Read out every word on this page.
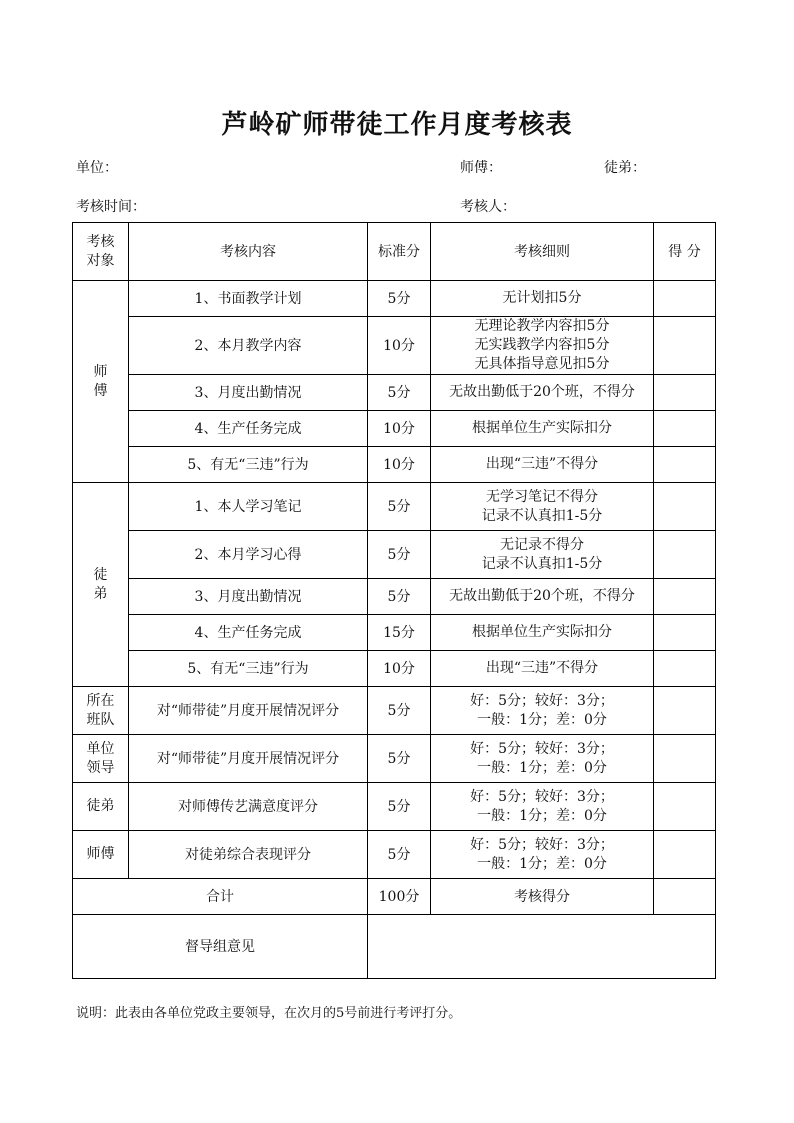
芦岭矿师带徒工作月度考核表
单位：	师傅：	徒弟：
考核时间：	考核人：
考核
对象	考核内容	标准分	考核细则	得 分

师
傅	1、书面教学计划	5分	无计划扣5分	

	2、本月教学内容	10分	无理论教学内容扣5分
无实践教学内容扣5分
无具体指导意见扣5分	

	3、月度出勤情况	5分	无故出勤低于20个班，不得分	

	4、生产任务完成	10分	根据单位生产实际扣分	

	5、有无“三违”行为	10分	出现“三违”不得分	

徒
弟	1、本人学习笔记	5分	无学习笔记不得分
记录不认真扣1-5分	

	2、本月学习心得	5分	无记录不得分
记录不认真扣1-5分	

	3、月度出勤情况	5分	无故出勤低于20个班，不得分	

	4、生产任务完成	15分	根据单位生产实际扣分	

	5、有无“三违”行为	10分	出现“三违”不得分	

所在
班队	对“师带徒”月度开展情况评分	5分	好：5分；较好：3分；
一般：1分；差：0分	

单位
领导	对“师带徒”月度开展情况评分	5分	好：5分；较好：3分；
一般：1分；差：0分	

徒弟	对师傅传艺满意度评分	5分	好：5分；较好：3分；
一般：1分；差：0分	

师傅	对徒弟综合表现评分	5分	好：5分；较好：3分；
一般：1分；差：0分	

合计		100分	考核得分	
督导组意见				
说明：此表由各单位党政主要领导，在次月的5号前进行考评打分。
